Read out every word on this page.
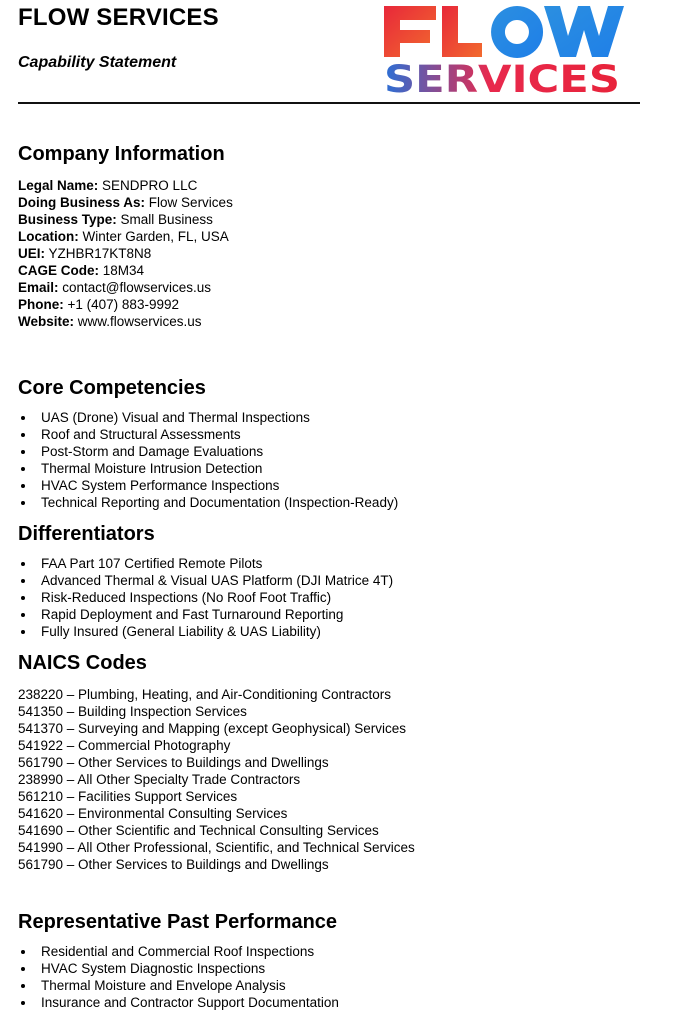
FLOW SERVICES

Capability Statement	SERVICES
Company Information
Legal Name: SENDPRO LLC
Doing Business As: Flow Services
Business Type: Small Business
Location: Winter Garden, FL, USA
UEI: YZHBR17KT8N8
CAGE Code: 18M34
Email: contact@flowservices.us
Phone: +1 (407) 883-9992
Website: www.flowservices.us
Core Competencies
UAS (Drone) Visual and Thermal Inspections
Roof and Structural Assessments
Post-Storm and Damage Evaluations
Thermal Moisture Intrusion Detection
HVAC System Performance Inspections
Technical Reporting and Documentation (Inspection-Ready)
Differentiators
FAA Part 107 Certified Remote Pilots
Advanced Thermal & Visual UAS Platform (DJI Matrice 4T)
Risk-Reduced Inspections (No Roof Foot Traffic)
Rapid Deployment and Fast Turnaround Reporting
Fully Insured (General Liability & UAS Liability)
NAICS Codes
238220 – Plumbing, Heating, and Air-Conditioning Contractors
541350 – Building Inspection Services
541370 – Surveying and Mapping (except Geophysical) Services
541922 – Commercial Photography
561790 – Other Services to Buildings and Dwellings
238990 – All Other Specialty Trade Contractors
561210 – Facilities Support Services
541620 – Environmental Consulting Services
541690 – Other Scientific and Technical Consulting Services
541990 – All Other Professional, Scientific, and Technical Services
561790 – Other Services to Buildings and Dwellings
Representative Past Performance
Residential and Commercial Roof Inspections
HVAC System Diagnostic Inspections
Thermal Moisture and Envelope Analysis
Insurance and Contractor Support Documentation
